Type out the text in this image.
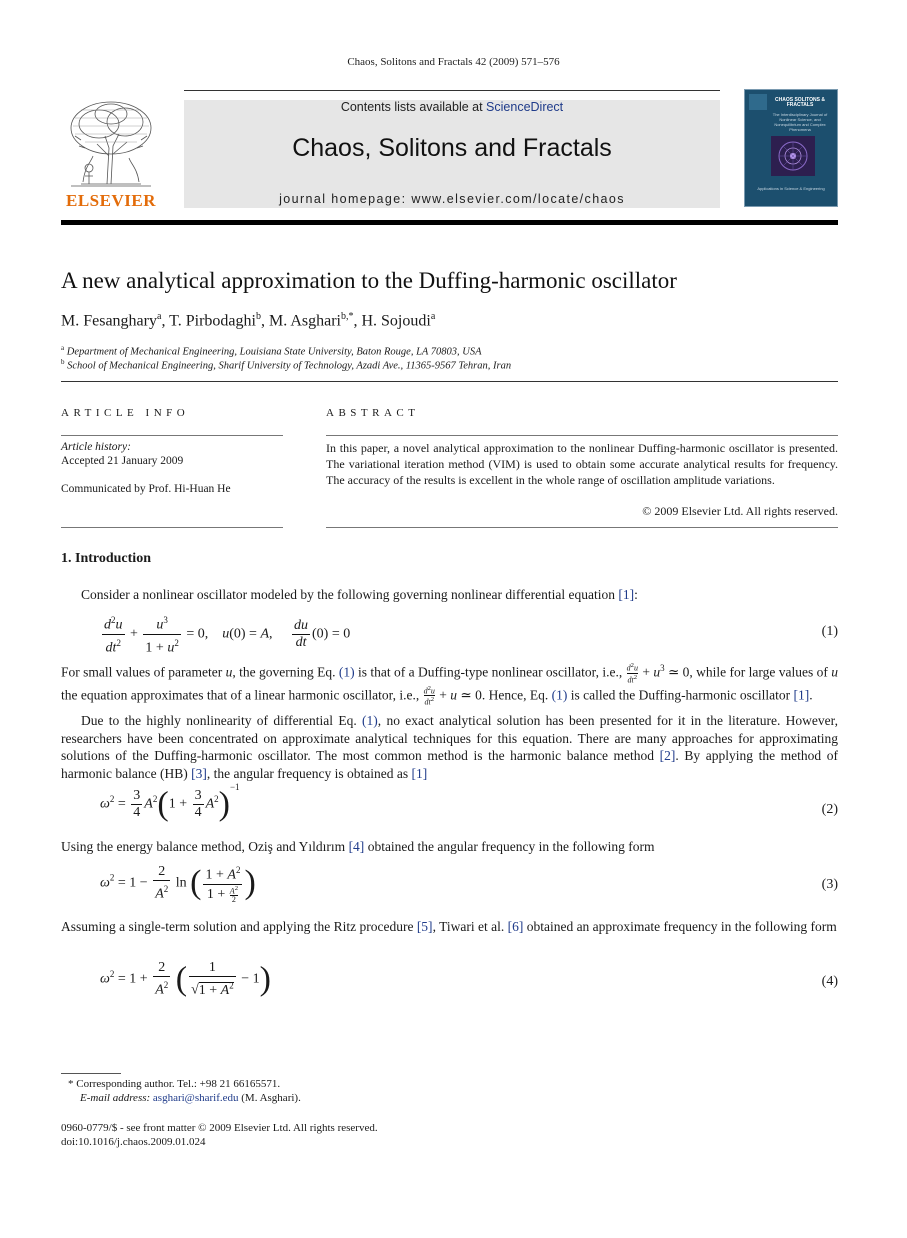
Chaos, Solitons and Fractals 42 (2009) 571–576
ELSEVIER
Contents lists available at ScienceDirect
Chaos, Solitons and Fractals
journal homepage: www.elsevier.com/locate/chaos
CHAOS SOLITONS & FRACTALS
The Interdisciplinary Journal of Nonlinear Science, and Nonequilibrium and Complex Phenomena
Applications in Science & Engineering
A new analytical approximation to the Duffing-harmonic oscillator
M. Fesanghary$^a$, T. Pirbodaghi$^b$, M. Asghari$^{b,*}$, H. Sojoudi$^a$
$^a$ Department of Mechanical Engineering, Louisiana State University, Baton Rouge, LA 70803, USA
$^b$ School of Mechanical Engineering, Sharif University of Technology, Azadi Ave., 11365-9567 Tehran, Iran
ARTICLE INFO
Article history:
Accepted 21 January 2009
Communicated by Prof. Hi-Huan He
ABSTRACT
In this paper, a novel analytical approximation to the nonlinear Duffing-harmonic oscillator is presented. The variational iteration method (VIM) is used to obtain some accurate analytical results for frequency. The accuracy of the results is excellent in the whole range of oscillation amplitude variations.
© 2009 Elsevier Ltd. All rights reserved.
1. Introduction
Consider a nonlinear oscillator modeled by the following governing nonlinear differential equation [1]:
$\frac{d^2u}{dt^2} + \frac{u^3}{1 + u^2} = 0$,    u(0) = A, $\frac{du}{dt} (0) = 0$	(1)
For small values of parameter u, the governing Eq. (1) is that of a Duffing-type nonlinear oscillator, i.e., $\frac{d^2u}{dt^2} + u^3$ ≃ 0, while for large values of u the equation approximates that of a linear harmonic oscillator, i.e., $\frac{d^2u}{dt^2} + u$ ≃ 0. Hence, Eq. (1) is called the Duffing-harmonic oscillator [1].
Due to the highly nonlinearity of differential Eq. (1), no exact analytical solution has been presented for it in the literature. However, researchers have been concentrated on approximate analytical techniques for this equation. There are many approaches for approximating solutions of the Duffing-harmonic oscillator. The most common method is the harmonic balance method [2]. By applying the method of harmonic balance (HB) [3], the angular frequency is obtained as [1]
$\omega^2 = \frac{3}{4} A^2(1 + \frac{3}{4} A^2)^{-1}$
(2)
Using the energy balance method, Oziş and Yıldırım [4] obtained the angular frequency in the following form
$\omega^2 = 1 - \frac{2}{A^2}$ ln ( $\frac{1 + A^2}{1 + \frac{A^2}{2}}$ )	(3)
Assuming a single-term solution and applying the Ritz procedure [5], Tiwari et al. [6] obtained an approximate frequency in the following form
$\omega^2 = 1 + \frac{2}{A^2}$ ( $\frac{1}{√1 + A^2} - 1$)	(4)
* Corresponding author. Tel.: +98 21 66165571.
E-mail address: asghari@sharif.edu (M. Asghari).
0960-0779/$ - see front matter © 2009 Elsevier Ltd. All rights reserved.
doi:10.1016/j.chaos.2009.01.024
